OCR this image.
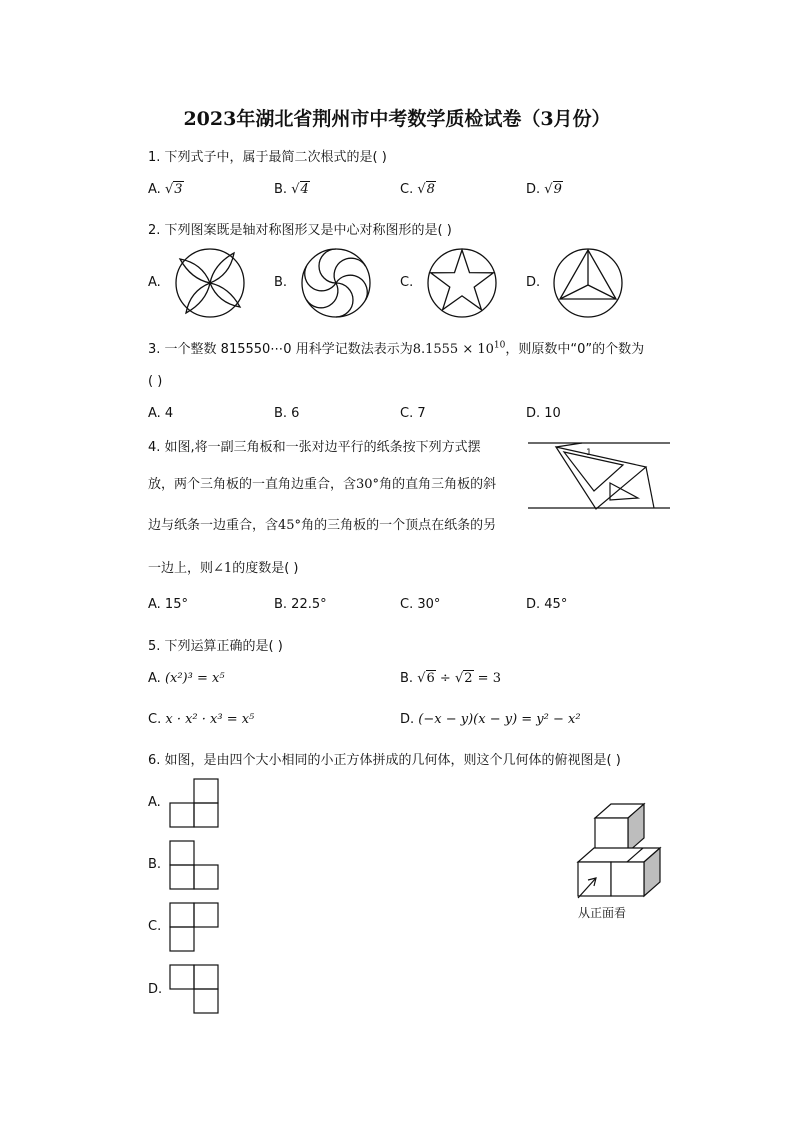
2023年湖北省荆州市中考数学质检试卷（3月份）
1. 下列式子中，属于最简二次根式的是( )
A. √3	B. √4	C. √8	D. √9
2. 下列图案既是轴对称图形又是中心对称图形的是( )
A.	B.	C.	D.
3. 一个整数 815550⋯0 用科学记数法表示为$8.1555 \times 10^{10}$，则原数中“0”的个数为
( )
A. 4	B. 6	C. 7	D. 10
4. 如图,将一副三角板和一张对边平行的纸条按下列方式摆
放，两个三角板的一直角边重合，含30°角的直角三角板的斜
边与纸条一边重合，含45°角的三角板的一个顶点在纸条的另
一边上，则∠1的度数是( )
1
A. 15°	B. 22.5°	C. 30°	D. 45°
5. 下列运算正确的是( )
A. (x²)³ = x⁵	B. √6 ÷ √2 = 3
C. x · x² · x³ = x⁵	D. (−x − y)(x − y) = y² − x²
6. 如图，是由四个大小相同的小正方体拼成的几何体，则这个几何体的俯视图是( )
A.
B.
C.
D.
从正面看
